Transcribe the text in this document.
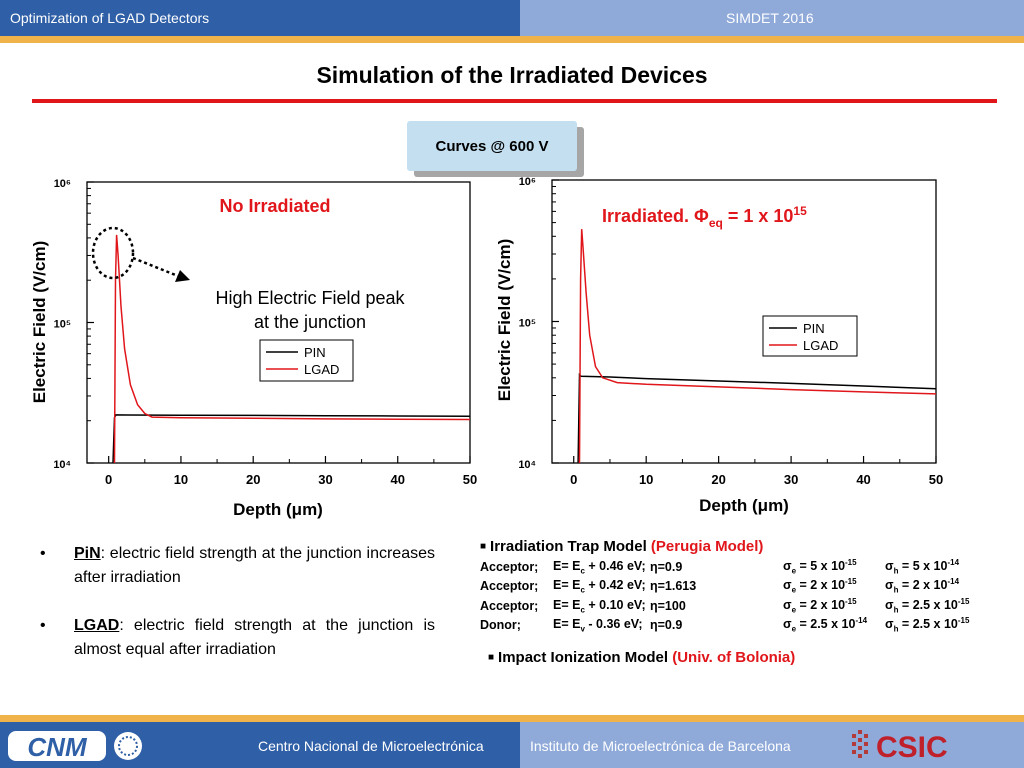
Optimization of LGAD Detectors	SIMDET 2016
Simulation of the Irradiated Devices
Curves @ 600 V
0	10	20	30	40	50
10⁴
10⁵
10⁶
Electric Field (V/cm)
Depth (μm)
No Irradiated
High Electric Field peak
at the junction
PIN
LGAD
0	10	20	30	40	50
10⁴
10⁵
10⁶
Electric Field (V/cm)
Depth (μm)
Irradiated. $\Phi_{eq} = 1$ x $10^{15}$
PIN
LGAD
•	PiN: electric field strength at the junction increases after irradiation
•	LGAD: electric field strength at the junction is almost equal after irradiation
■ Irradiation Trap Model (Perugia Model)
Acceptor;	$E= E_c + 0.46$ eV;	η=0.9	$\sigma_e = 5$ x $10^{-15}$	$\sigma_h = 5$ x $10^{-14}$
Acceptor;	$E= E_c + 0.42$ eV;	η=1.613	$\sigma_e = 2$ x $10^{-15}$	$\sigma_h = 2$ x $10^{-14}$
Acceptor;	$E= E_c + 0.10$ eV;	η=100	$\sigma_e = 2$ x $10^{-15}$	$\sigma_h = 2.5$ x $10^{-15}$
Donor;	$E= E_v - 0.36$ eV;	η=0.9	$\sigma_e = 2.5$ x $10^{-14}$	$\sigma_h = 2.5$ x $10^{-15}$
■ Impact Ionization Model (Univ. of Bolonia)
CNM	Centro Nacional de Microelectrónica	Instituto de Microelectrónica de Barcelona	CSIC
